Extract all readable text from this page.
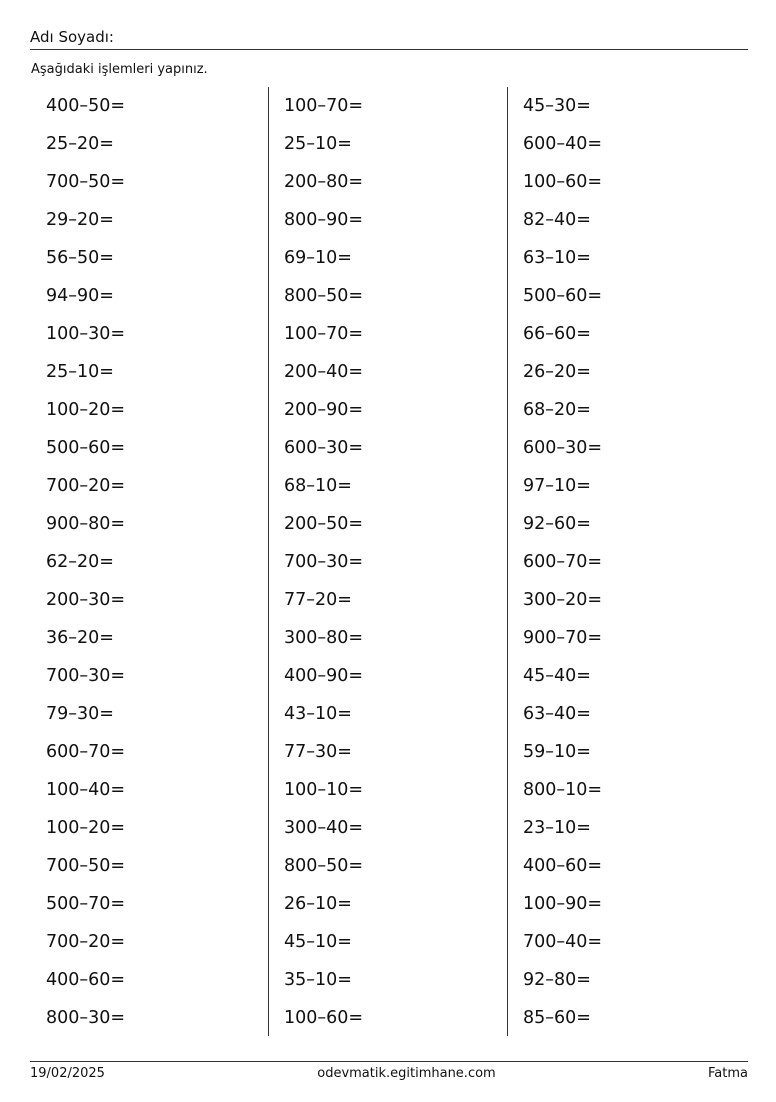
Adı Soyadı:
Aşağıdaki işlemleri yapınız.
400–50=
25–20=
700–50=
29–20=
56–50=
94–90=
100–30=
25–10=
100–20=
500–60=
700–20=
900–80=
62–20=
200–30=
36–20=
700–30=
79–30=
600–70=
100–40=
100–20=
700–50=
500–70=
700–20=
400–60=
800–30=
100–70=
25–10=
200–80=
800–90=
69–10=
800–50=
100–70=
200–40=
200–90=
600–30=
68–10=
200–50=
700–30=
77–20=
300–80=
400–90=
43–10=
77–30=
100–10=
300–40=
800–50=
26–10=
45–10=
35–10=
100–60=
45–30=
600–40=
100–60=
82–40=
63–10=
500–60=
66–60=
26–20=
68–20=
600–30=
97–10=
92–60=
600–70=
300–20=
900–70=
45–40=
63–40=
59–10=
800–10=
23–10=
400–60=
100–90=
700–40=
92–80=
85–60=
19/02/2025	odevmatik.egitimhane.com	Fatma
